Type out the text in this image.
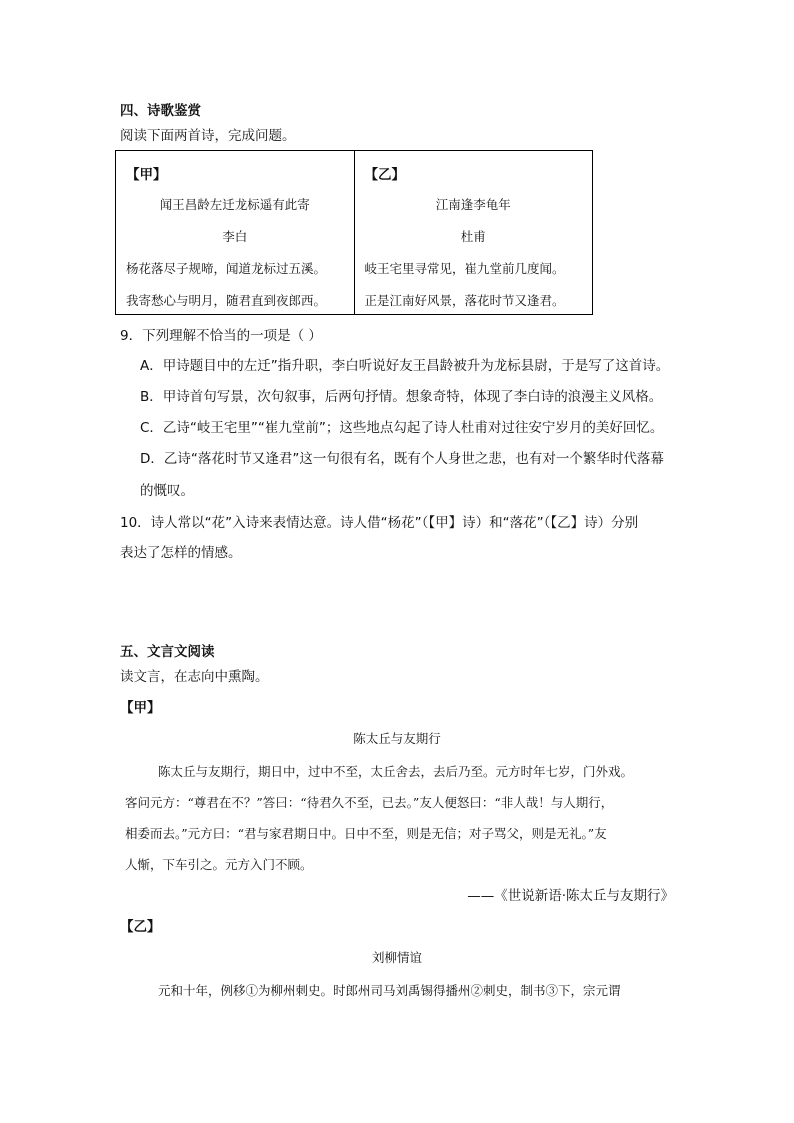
四、诗歌鉴赏
阅读下面两首诗，完成问题。
【甲】
闻王昌龄左迁龙标遥有此寄
李白
杨花落尽子规啼，闻道龙标过五溪。
我寄愁心与明月，随君直到夜郎西。
【乙】
江南逢李龟年
杜甫
岐王宅里寻常见，崔九堂前几度闻。
正是江南好风景，落花时节又逢君。
9．下列理解不恰当的一项是（ ）
A．甲诗题目中的左迁”指升职，李白听说好友王昌龄被升为龙标县尉，于是写了这首诗。
B．甲诗首句写景，次句叙事，后两句抒情。想象奇特，体现了李白诗的浪漫主义风格。
C．乙诗“岐王宅里”“崔九堂前”；这些地点勾起了诗人杜甫对过往安宁岁月的美好回忆。
D．乙诗“落花时节又逢君”这一句很有名，既有个人身世之悲，也有对一个繁华时代落幕
的慨叹。
10．诗人常以“花”入诗来表情达意。诗人借“杨花”（【甲】诗）和“落花”（【乙】诗）分别
表达了怎样的情感。
五、文言文阅读
读文言，在志向中熏陶。
【甲】
陈太丘与友期行
陈太丘与友期行，期日中，过中不至，太丘舍去，去后乃至。元方时年七岁，门外戏。
客问元方：“尊君在不？”答曰：“待君久不至，已去。”友人便怒曰：“非人哉！与人期行，
相委而去。”元方曰：“君与家君期日中。日中不至，则是无信；对子骂父，则是无礼。”友
人惭，下车引之。元方入门不顾。
——《世说新语·陈太丘与友期行》
【乙】
刘柳情谊
元和十年，例移①为柳州刺史。时郎州司马刘禹锡得播州②刺史，制书③下，宗元谓
